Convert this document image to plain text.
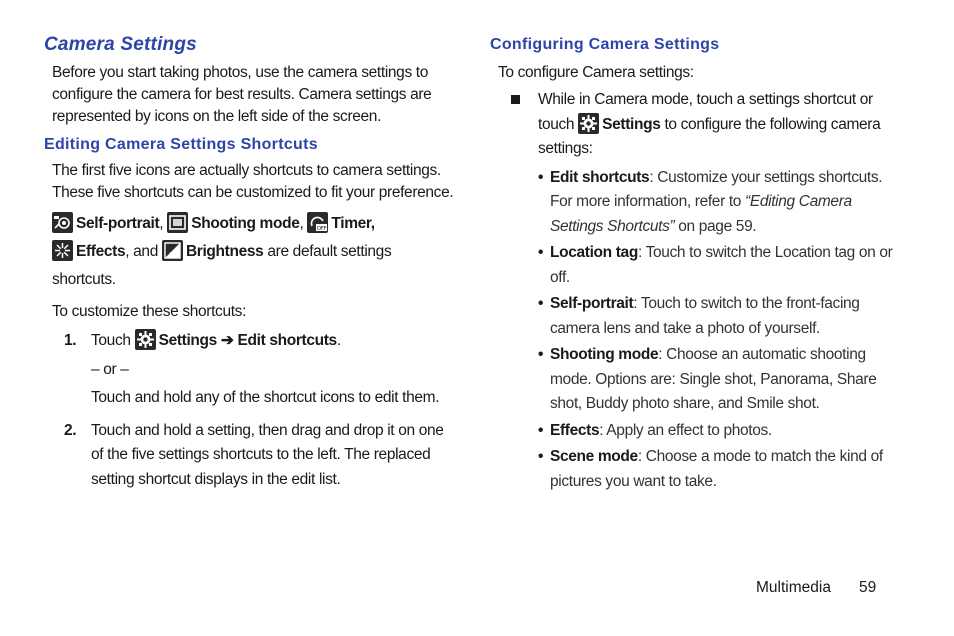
Camera Settings

Before you start taking photos, use the camera settings to configure the camera for best results. Camera settings are represented by icons on the left side of the screen.

Editing Camera Settings Shortcuts

The first five icons are actually shortcuts to camera settings. These five shortcuts can be customized to fit your preference.

Self-portrait, Shooting mode, OFF Timer,

Effects, and 5 Brightness are default settings shortcuts.

To customize these shortcuts:

1. Touch Settings ➔ Edit shortcuts.
– or –
Touch and hold any of the shortcut icons to edit them.
2. Touch and hold a setting, then drag and drop it on one of the five settings shortcuts to the left. The replaced setting shortcut displays in the edit list.
Configuring Camera Settings

To configure Camera settings:

While in Camera mode, touch a settings shortcut or touch Settings to configure the following camera settings:
• Edit shortcuts: Customize your settings shortcuts. For more information, refer to “Editing Camera Settings Shortcuts” on page 59.
• Location tag: Touch to switch the Location tag on or off.
• Self-portrait: Touch to switch to the front-facing camera lens and take a photo of yourself.
• Shooting mode: Choose an automatic shooting mode. Options are: Single shot, Panorama, Share shot, Buddy photo share, and Smile shot.
• Effects: Apply an effect to photos.
• Scene mode: Choose a mode to match the kind of pictures you want to take.
Multimedia 59
